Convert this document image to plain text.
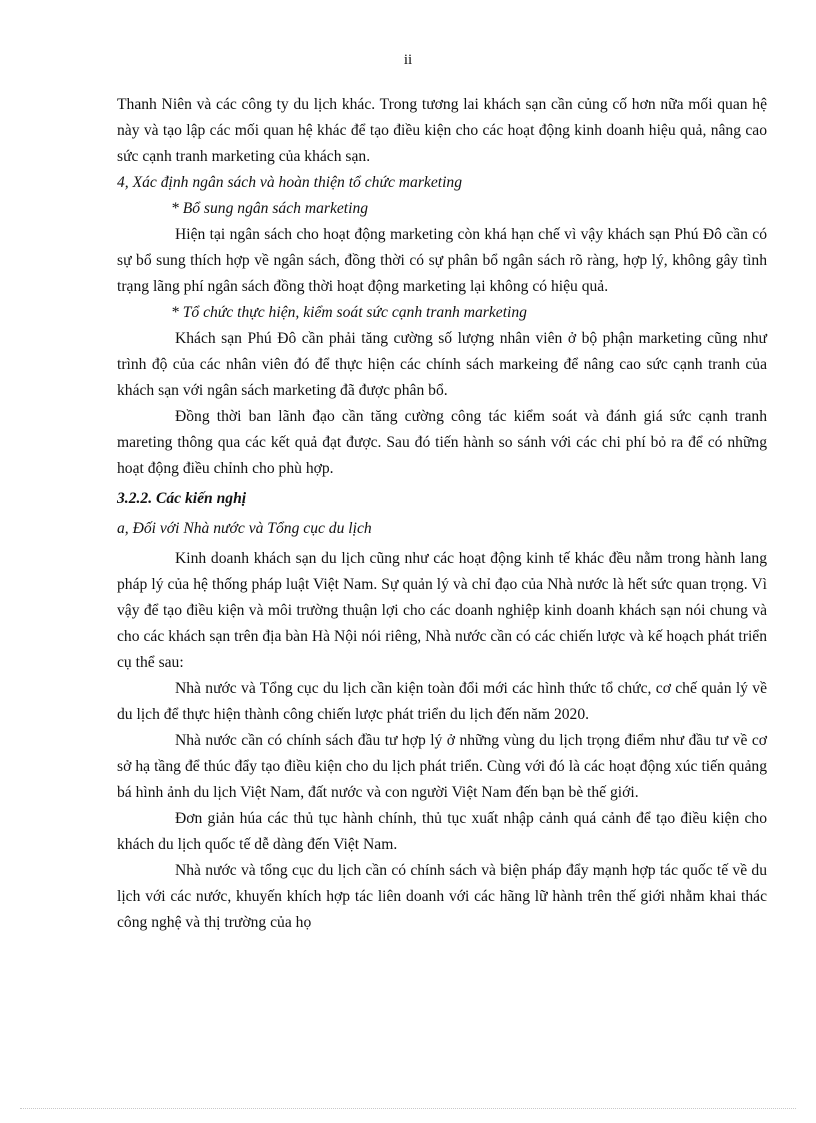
ii

Thanh Niên và các công ty du lịch khác. Trong tương lai khách sạn cần củng cố hơn nữa mối quan hệ này và tạo lập các mối quan hệ khác để tạo điều kiện cho các hoạt động kinh doanh hiệu quả, nâng cao sức cạnh tranh marketing của khách sạn.

4, Xác định ngân sách và hoàn thiện tổ chức marketing

* Bổ sung ngân sách marketing

Hiện tại ngân sách cho hoạt động marketing còn khá hạn chế vì vậy khách sạn Phú Đô cần có sự bổ sung thích hợp về ngân sách, đồng thời có sự phân bổ ngân sách rõ ràng, hợp lý, không gây tình trạng lãng phí ngân sách đồng thời hoạt động marketing lại không có hiệu quả.

* Tổ chức thực hiện, kiểm soát sức cạnh tranh marketing

Khách sạn Phú Đô cần phải tăng cường số lượng nhân viên ở bộ phận marketing cũng như trình độ của các nhân viên đó để thực hiện các chính sách markeing để nâng cao sức cạnh tranh của khách sạn với ngân sách marketing đã được phân bổ.

Đồng thời ban lãnh đạo cần tăng cường công tác kiểm soát và đánh giá sức cạnh tranh mareting thông qua các kết quả đạt được. Sau đó tiến hành so sánh với các chi phí bỏ ra để có những hoạt động điều chỉnh cho phù hợp.

3.2.2. Các kiến nghị

a, Đối với Nhà nước và Tổng cục du lịch

Kinh doanh khách sạn du lịch cũng như các hoạt động kinh tế khác đều nằm trong hành lang pháp lý của hệ thống pháp luật Việt Nam. Sự quản lý và chỉ đạo của Nhà nước là hết sức quan trọng. Vì vậy để tạo điều kiện và môi trường thuận lợi cho các doanh nghiệp kinh doanh khách sạn nói chung và cho các khách sạn trên địa bàn Hà Nội nói riêng, Nhà nước cần có các chiến lược và kế hoạch phát triển cụ thể sau:

Nhà nước và Tổng cục du lịch cần kiện toàn đổi mới các hình thức tổ chức, cơ chế quản lý về du lịch để thực hiện thành công chiến lược phát triển du lịch đến năm 2020.

Nhà nước cần có chính sách đầu tư hợp lý ở những vùng du lịch trọng điểm như đầu tư về cơ sở hạ tầng để thúc đẩy tạo điều kiện cho du lịch phát triển. Cùng với đó là các hoạt động xúc tiến quảng bá hình ảnh du lịch Việt Nam, đất nước và con người Việt Nam đến bạn bè thế giới.

Đơn giản húa các thủ tục hành chính, thủ tục xuất nhập cảnh quá cảnh để tạo điều kiện cho khách du lịch quốc tế dễ dàng đến Việt Nam.

Nhà nước và tổng cục du lịch cần có chính sách và biện pháp đẩy mạnh hợp tác quốc tế về du lịch với các nước, khuyến khích hợp tác liên doanh với các hãng lữ hành trên thế giới nhằm khai thác công nghệ và thị trường của họ
